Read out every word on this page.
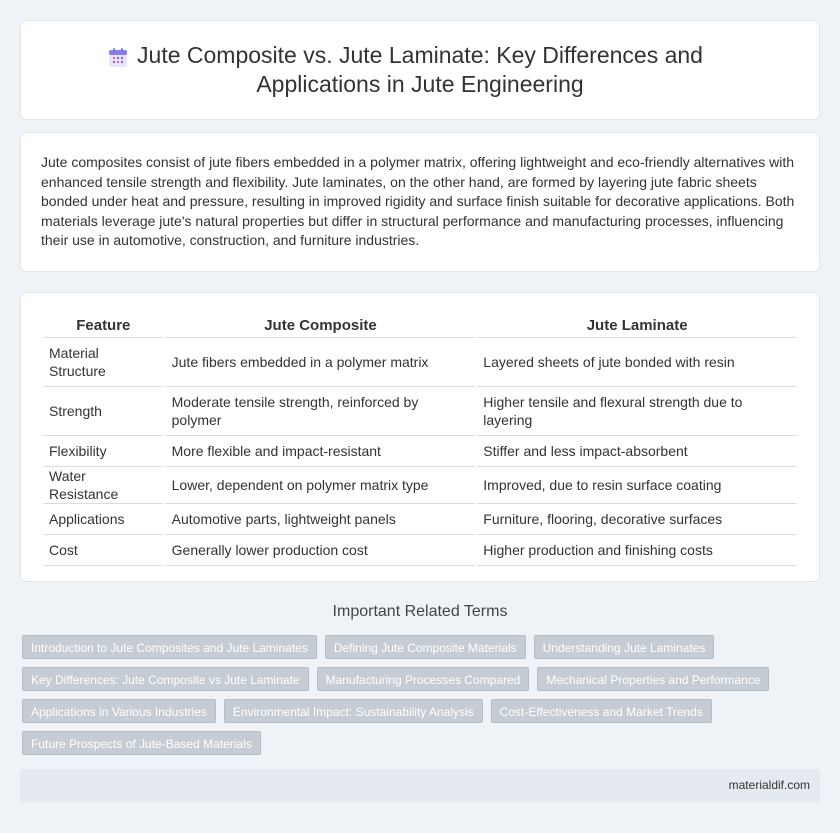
Jute Composite vs. Jute Laminate: Key Differences and Applications in Jute Engineering

Jute composites consist of jute fibers embedded in a polymer matrix, offering lightweight and eco-friendly alternatives with enhanced tensile strength and flexibility. Jute laminates, on the other hand, are formed by layering jute fabric sheets bonded under heat and pressure, resulting in improved rigidity and surface finish suitable for decorative applications. Both materials leverage jute's natural properties but differ in structural performance and manufacturing processes, influencing their use in automotive, construction, and furniture industries.

Feature	Jute Composite	Jute Laminate
Material Structure	Jute fibers embedded in a polymer matrix	Layered sheets of jute bonded with resin
Strength	Moderate tensile strength, reinforced by polymer	Higher tensile and flexural strength due to layering
Flexibility	More flexible and impact-resistant	Stiffer and less impact-absorbent
Water Resistance	Lower, dependent on polymer matrix type	Improved, due to resin surface coating
Applications	Automotive parts, lightweight panels	Furniture, flooring, decorative surfaces
Cost	Generally lower production cost	Higher production and finishing costs
Important Related Terms
Introduction to Jute Composites and Jute Laminates	Defining Jute Composite Materials	Understanding Jute Laminates
Key Differences: Jute Composite vs Jute Laminate	Manufacturing Processes Compared	Mechanical Properties and Performance
Applications in Various Industries	Environmental Impact: Sustainability Analysis	Cost-Effectiveness and Market Trends
Future Prospects of Jute-Based Materials
materialdif.com
